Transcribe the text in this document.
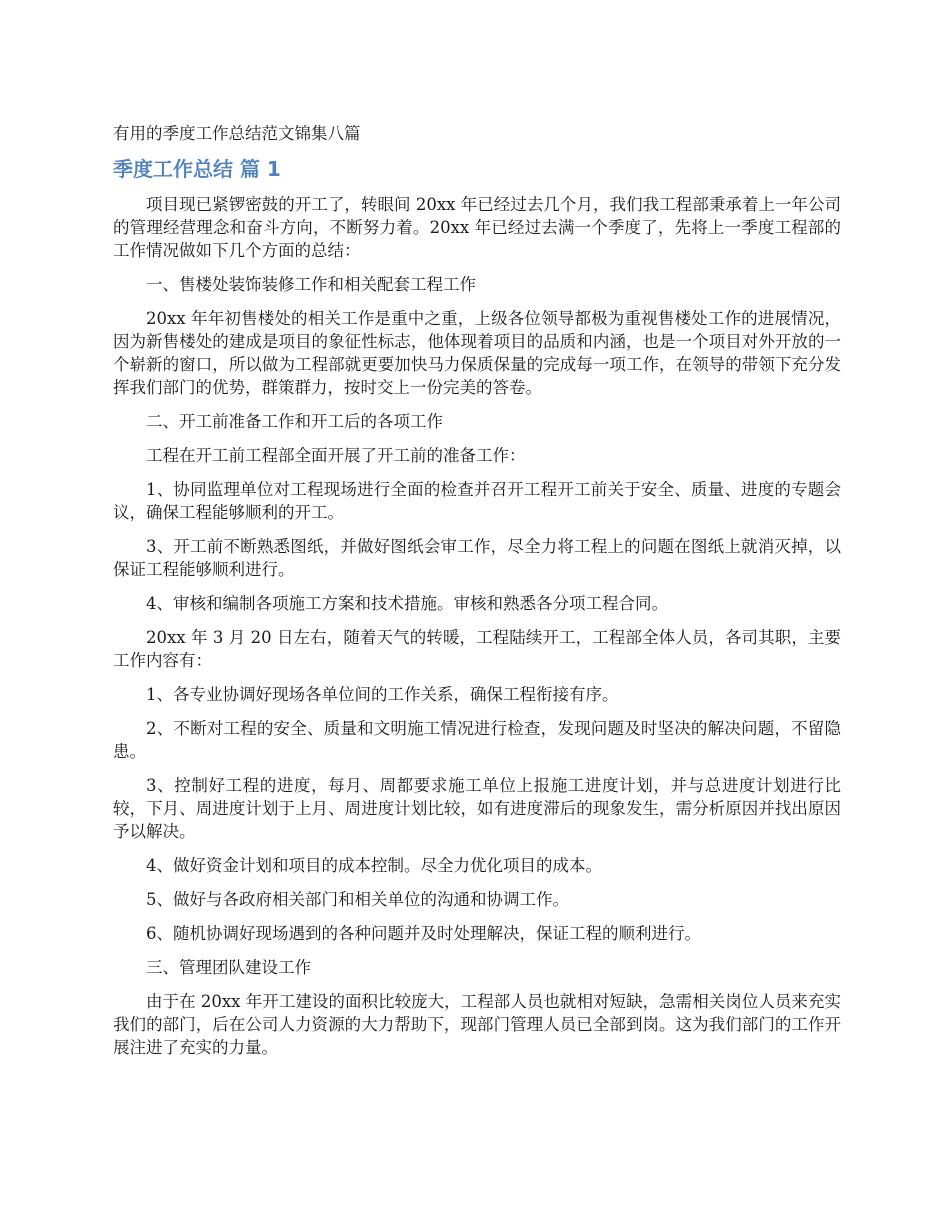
有用的季度工作总结范文锦集八篇
季度工作总结 篇 1

项目现已紧锣密鼓的开工了，转眼间 20xx 年已经过去几个月，我们我工程部秉承着上一年公司的管理经营理念和奋斗方向，不断努力着。20xx 年已经过去满一个季度了，先将上一季度工程部的工作情况做如下几个方面的总结：

一、售楼处装饰装修工作和相关配套工程工作

20xx 年年初售楼处的相关工作是重中之重，上级各位领导都极为重视售楼处工作的进展情况，因为新售楼处的建成是项目的象征性标志，他体现着项目的品质和内涵，也是一个项目对外开放的一个崭新的窗口，所以做为工程部就更要加快马力保质保量的完成每一项工作，在领导的带领下充分发挥我们部门的优势，群策群力，按时交上一份完美的答卷。

二、开工前准备工作和开工后的各项工作

工程在开工前工程部全面开展了开工前的准备工作：

1、协同监理单位对工程现场进行全面的检查并召开工程开工前关于安全、质量、进度的专题会议，确保工程能够顺利的开工。

3、开工前不断熟悉图纸，并做好图纸会审工作，尽全力将工程上的问题在图纸上就消灭掉，以保证工程能够顺利进行。

4、审核和编制各项施工方案和技术措施。审核和熟悉各分项工程合同。

20xx 年 3 月 20 日左右，随着天气的转暖，工程陆续开工，工程部全体人员，各司其职，主要工作内容有：

1、各专业协调好现场各单位间的工作关系，确保工程衔接有序。

2、不断对工程的安全、质量和文明施工情况进行检查，发现问题及时坚决的解决问题，不留隐患。

3、控制好工程的进度，每月、周都要求施工单位上报施工进度计划，并与总进度计划进行比较，下月、周进度计划于上月、周进度计划比较，如有进度滞后的现象发生，需分析原因并找出原因予以解决。

4、做好资金计划和项目的成本控制。尽全力优化项目的成本。

5、做好与各政府相关部门和相关单位的沟通和协调工作。

6、随机协调好现场遇到的各种问题并及时处理解决，保证工程的顺利进行。

三、管理团队建设工作

由于在 20xx 年开工建设的面积比较庞大，工程部人员也就相对短缺，急需相关岗位人员来充实我们的部门，后在公司人力资源的大力帮助下，现部门管理人员已全部到岗。这为我们部门的工作开展注进了充实的力量。
